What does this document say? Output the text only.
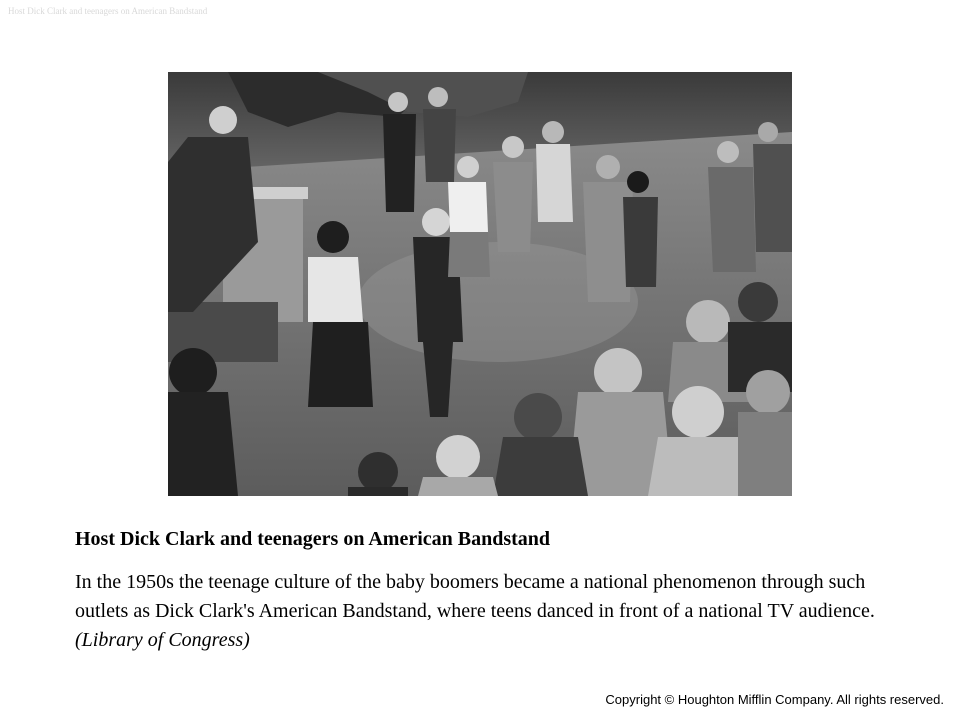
Host Dick Clark and teenagers on American Bandstand
Host Dick Clark and teenagers on American Bandstand
In the 1950s the teenage culture of the baby boomers became a national phenomenon through such outlets as Dick Clark's American Bandstand, where teens danced in front of a national TV audience. (Library of Congress)
Copyright © Houghton Mifflin Company. All rights reserved.
